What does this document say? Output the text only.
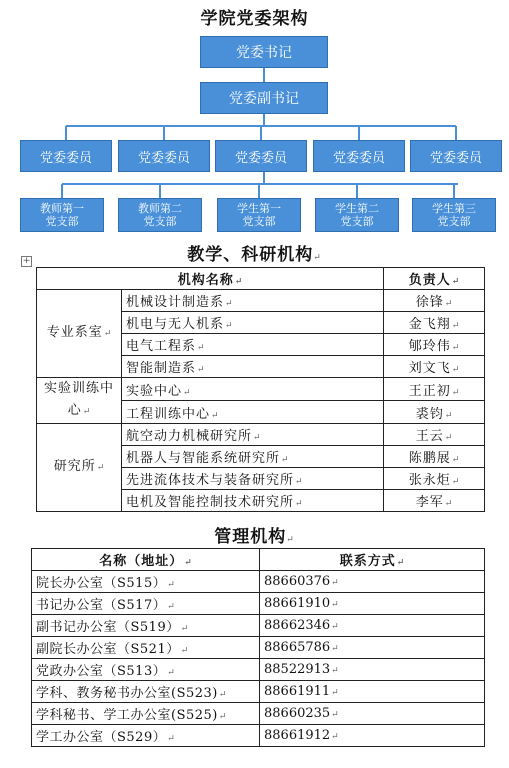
学院党委架构
党委书记
党委副书记
党委委员	党委委员	党委委员	党委委员	党委委员
教师第一
党支部
教师第二
党支部
学生第一
党支部
学生第二
党支部
学生第三
党支部
教学、科研机构↵
+
机构名称 ↵		负责人 ↵
专业系室 ↵	机械设计制造系 ↵	徐锋 ↵
	机电与无人机系 ↵	金飞翔 ↵
	电气工程系 ↵	郇玲伟 ↵
	智能制造系 ↵	刘文飞 ↵
实验训练中心 ↵	实验中心 ↵	王正初 ↵
	工程训练中心 ↵	裘钧 ↵
研究所 ↵	航空动力机械研究所 ↵	王云 ↵
	机器人与智能系统研究所 ↵	陈鹏展 ↵
	先进流体技术与装备研究所 ↵	张永炬 ↵
	电机及智能控制技术研究所 ↵	李军 ↵
管理机构↵
名称（地址） ↵	联系方式 ↵
院长办公室（S515） ↵	88660376 ↵
书记办公室（S517） ↵	88661910 ↵
副书记办公室（S519） ↵	88662346 ↵
副院长办公室（S521） ↵	88665786 ↵
党政办公室（S513） ↵	88522913 ↵
学科、教务秘书办公室(S523) ↵	88661911 ↵
学科秘书、学工办公室(S525) ↵	88660235 ↵
学工办公室（S529） ↵	88661912 ↵
